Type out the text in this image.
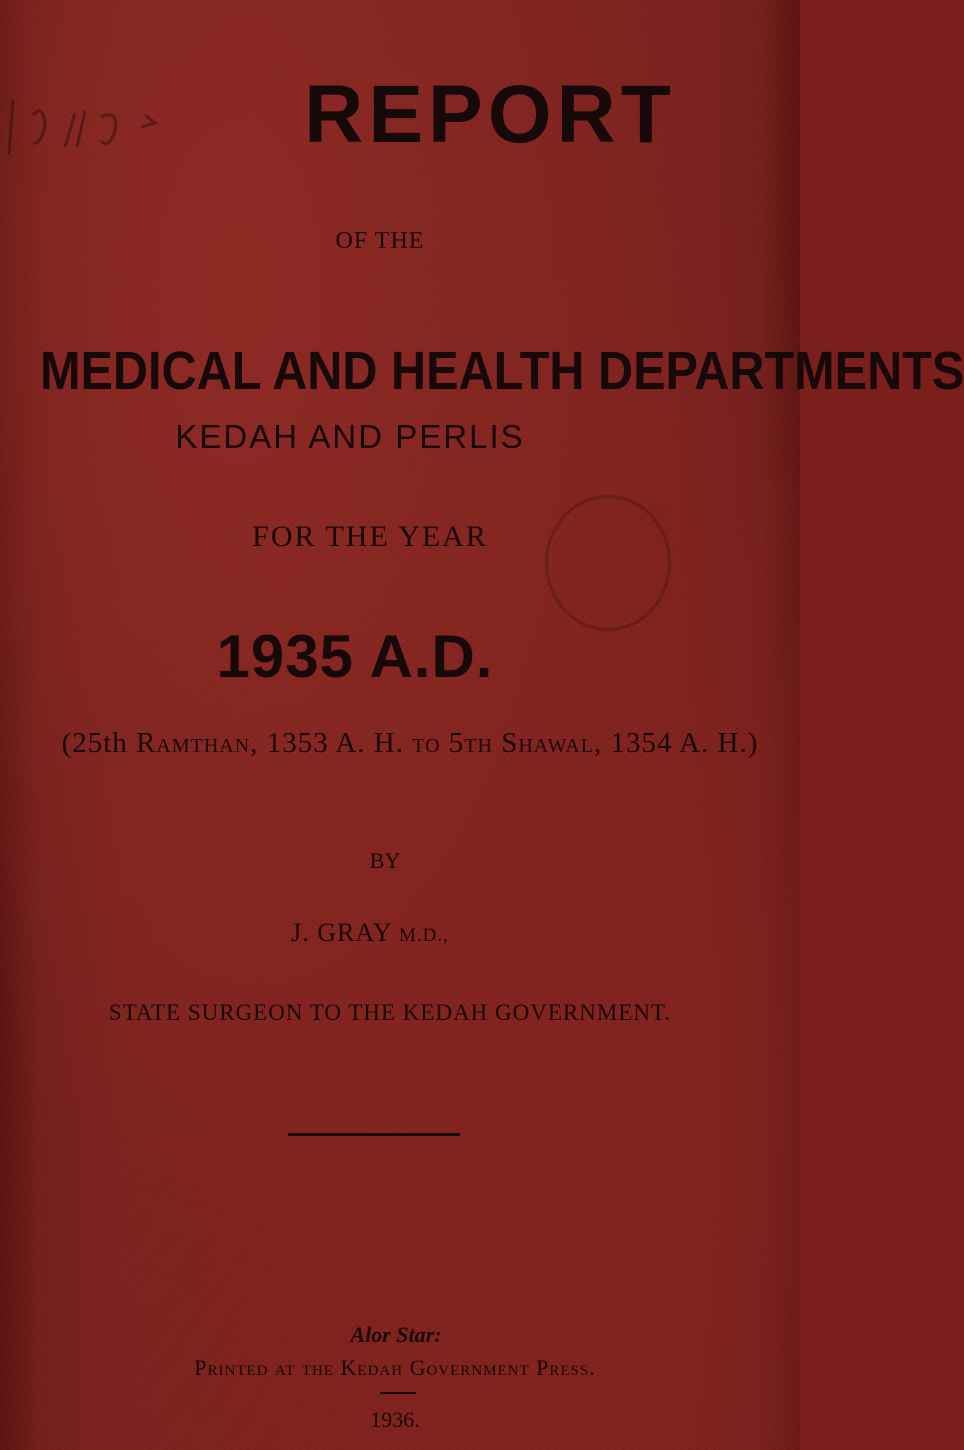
REPORT
OF THE
MEDICAL AND HEALTH DEPARTMENTS
KEDAH AND PERLIS
FOR THE YEAR
1935 A.D.
(25th Ramthan, 1353 A. H. to 5th Shawal, 1354 A. H.)
BY
J. GRAY M.D.,
STATE SURGEON TO THE KEDAH GOVERNMENT.
Alor Star:
Printed at the Kedah Government Press.
1936.
